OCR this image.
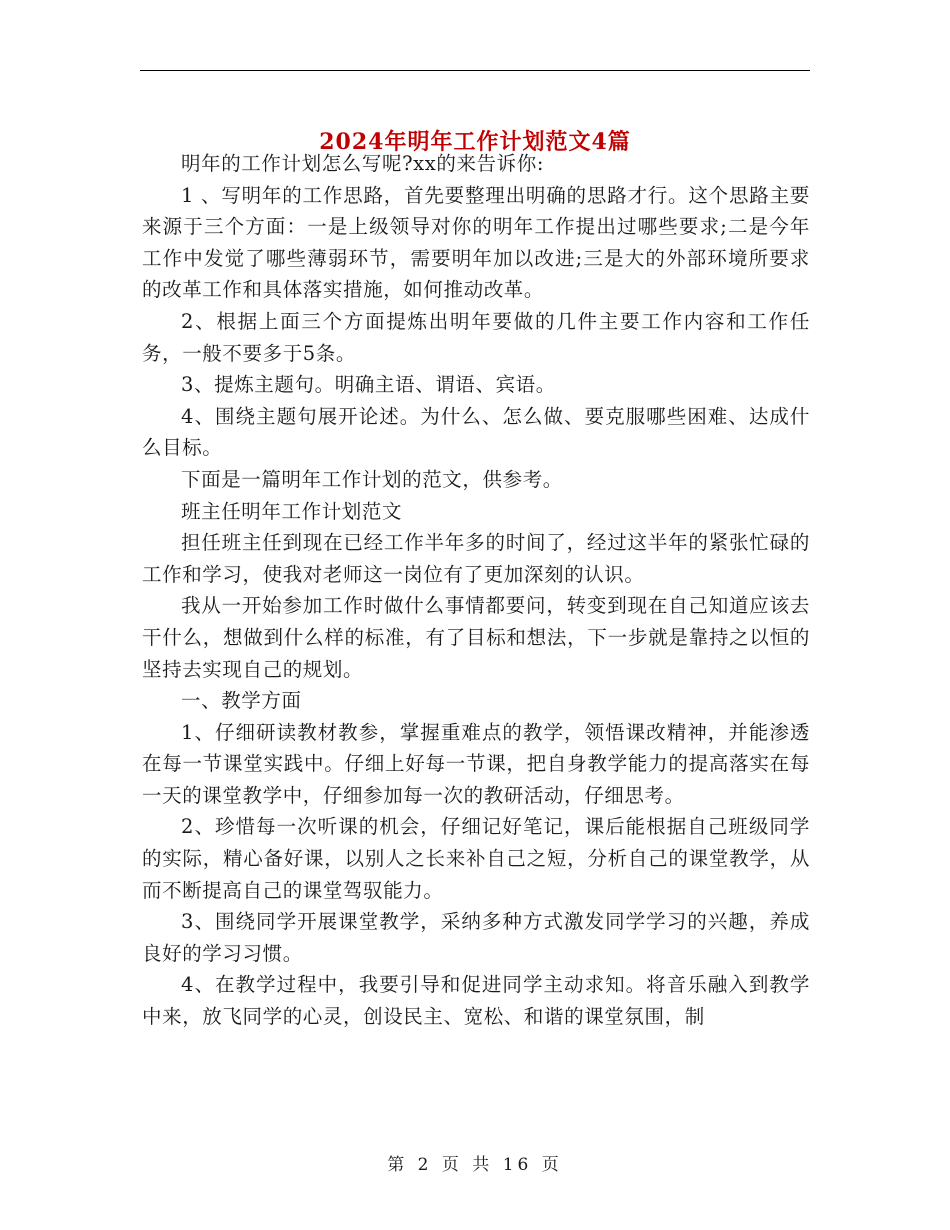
2024年明年工作计划范文4篇

明年的工作计划怎么写呢?xx的来告诉你:

1 、写明年的工作思路，首先要整理出明确的思路才行。这个思路主要来源于三个方面：一是上级领导对你的明年工作提出过哪些要求;二是今年工作中发觉了哪些薄弱环节，需要明年加以改进;三是大的外部环境所要求的改革工作和具体落实措施，如何推动改革。

2、根据上面三个方面提炼出明年要做的几件主要工作内容和工作任务，一般不要多于5条。

3、提炼主题句。明确主语、谓语、宾语。

4、围绕主题句展开论述。为什么、怎么做、要克服哪些困难、达成什么目标。

下面是一篇明年工作计划的范文，供参考。

班主任明年工作计划范文

担任班主任到现在已经工作半年多的时间了，经过这半年的紧张忙碌的工作和学习，使我对老师这一岗位有了更加深刻的认识。

我从一开始参加工作时做什么事情都要问，转变到现在自己知道应该去干什么，想做到什么样的标准，有了目标和想法，下一步就是靠持之以恒的坚持去实现自己的规划。

一、教学方面

1、仔细研读教材教参，掌握重难点的教学，领悟课改精神，并能渗透在每一节课堂实践中。仔细上好每一节课，把自身教学能力的提高落实在每一天的课堂教学中，仔细参加每一次的教研活动，仔细思考。

2、珍惜每一次听课的机会，仔细记好笔记，课后能根据自己班级同学的实际，精心备好课，以别人之长来补自己之短，分析自己的课堂教学，从而不断提高自己的课堂驾驭能力。

3、围绕同学开展课堂教学，采纳多种方式激发同学学习的兴趣，养成良好的学习习惯。

4、在教学过程中，我要引导和促进同学主动求知。将音乐融入到教学中来，放飞同学的心灵，创设民主、宽松、和谐的课堂氛围，制

第 2 页 共 16 页
